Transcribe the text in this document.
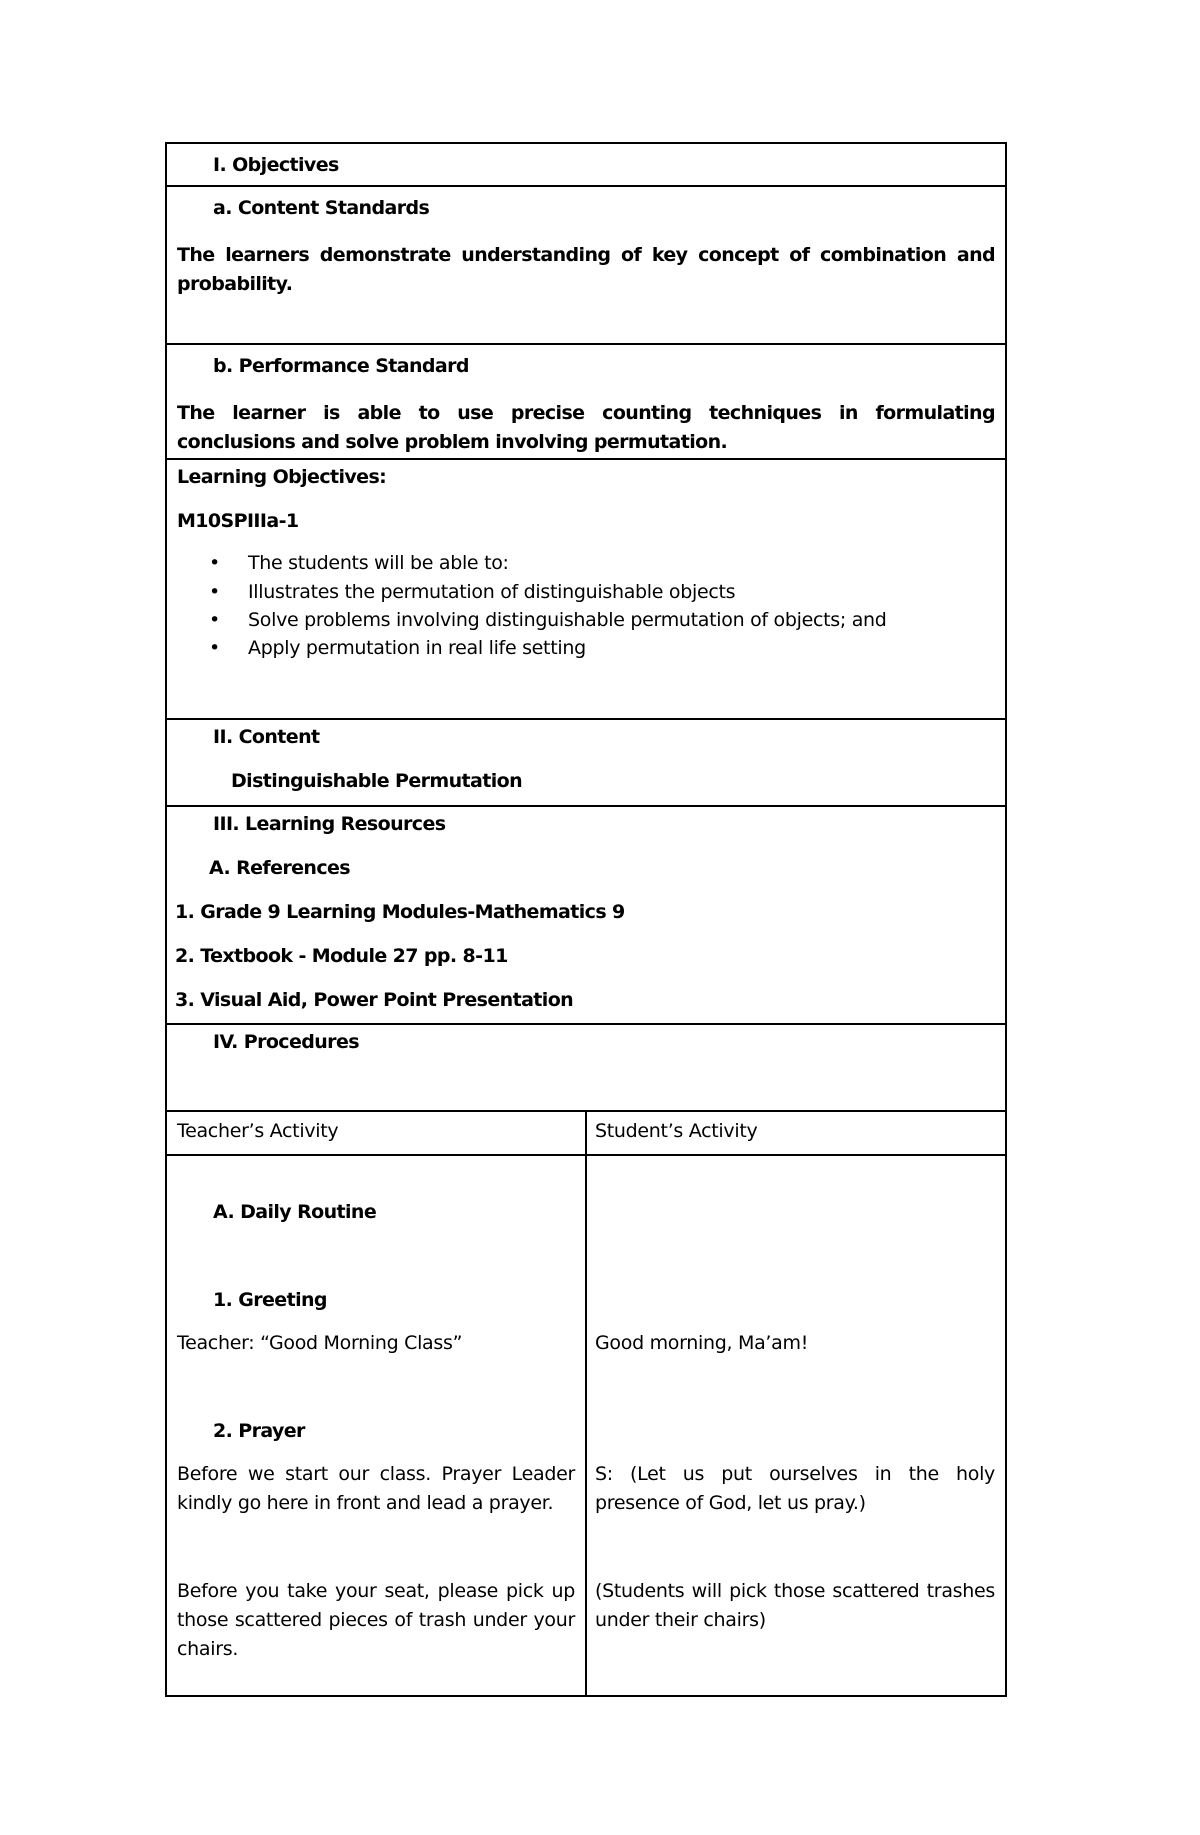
I. Objectives
a. Content Standards
The learners demonstrate understanding of key concept of combination and probability.
b. Performance Standard
The learner is able to use precise counting techniques in formulating conclusions and solve problem involving permutation.
Learning Objectives:
M10SPIIIa-1
• The students will be able to:
• Illustrates the permutation of distinguishable objects
• Solve problems involving distinguishable permutation of objects; and
• Apply permutation in real life setting
II. Content
Distinguishable Permutation
III. Learning Resources
A. References
1. Grade 9 Learning Modules-Mathematics 9
2. Textbook - Module 27 pp. 8-11
3. Visual Aid, Power Point Presentation
IV. Procedures
Teacher’s Activity	Student’s Activity
A. Daily Routine
1. Greeting
Teacher: “Good Morning Class”
2. Prayer
Before we start our class. Prayer Leader kindly go here in front and lead a prayer.
Before you take your seat, please pick up those scattered pieces of trash under your chairs.
Good morning, Ma’am!
S: (Let us put ourselves in the holy presence of God, let us pray.)
(Students will pick those scattered trashes under their chairs)
